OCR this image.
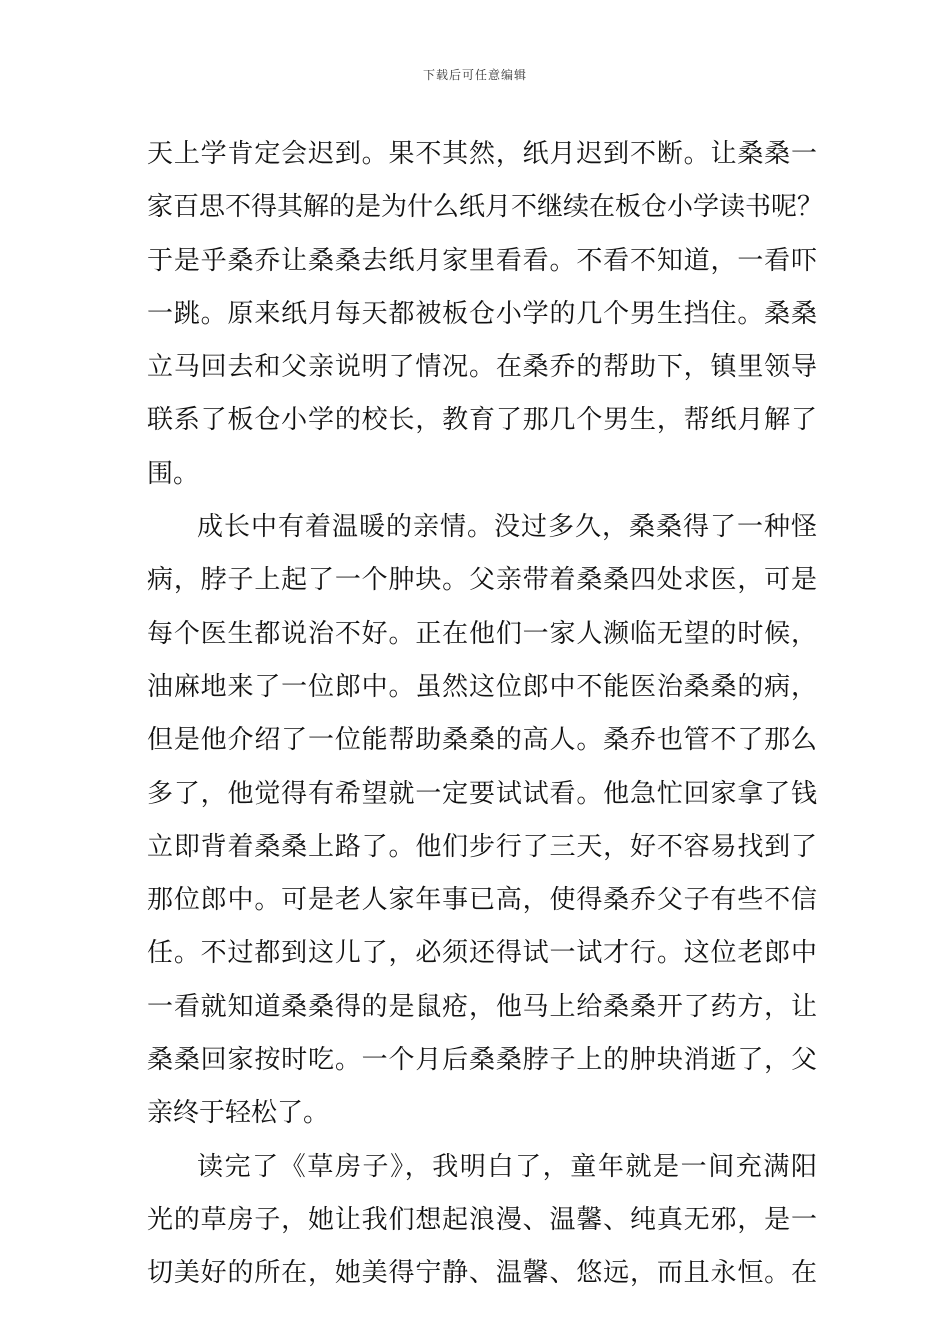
下载后可任意编辑
天上学肯定会迟到。果不其然，纸月迟到不断。让桑桑一
家百思不得其解的是为什么纸月不继续在板仓小学读书呢？
于是乎桑乔让桑桑去纸月家里看看。不看不知道，一看吓
一跳。原来纸月每天都被板仓小学的几个男生挡住。桑桑
立马回去和父亲说明了情况。在桑乔的帮助下，镇里领导
联系了板仓小学的校长，教育了那几个男生，帮纸月解了
围。
成长中有着温暖的亲情。没过多久，桑桑得了一种怪
病，脖子上起了一个肿块。父亲带着桑桑四处求医，可是
每个医生都说治不好。正在他们一家人濒临无望的时候，
油麻地来了一位郎中。虽然这位郎中不能医治桑桑的病，
但是他介绍了一位能帮助桑桑的高人。桑乔也管不了那么
多了，他觉得有希望就一定要试试看。他急忙回家拿了钱
立即背着桑桑上路了。他们步行了三天，好不容易找到了
那位郎中。可是老人家年事已高，使得桑乔父子有些不信
任。不过都到这儿了，必须还得试一试才行。这位老郎中
一看就知道桑桑得的是鼠疮，他马上给桑桑开了药方，让
桑桑回家按时吃。一个月后桑桑脖子上的肿块消逝了，父
亲终于轻松了。
读完了《草房子》，我明白了，童年就是一间充满阳
光的草房子，她让我们想起浪漫、温馨、纯真无邪，是一
切美好的所在，她美得宁静、温馨、悠远，而且永恒。在
